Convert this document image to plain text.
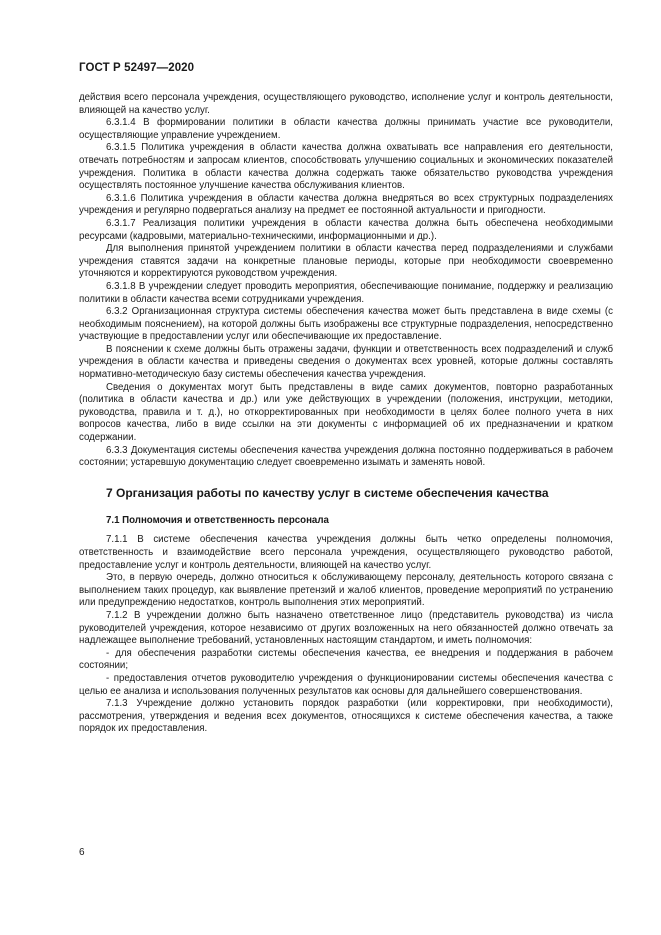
ГОСТ Р 52497—2020

действия всего персонала учреждения, осуществляющего руководство, исполнение услуг и контроль деятельности, влияющей на качество услуг.

6.3.1.4 В формировании политики в области качества должны принимать участие все руководители, осуществляющие управление учреждением.

6.3.1.5 Политика учреждения в области качества должна охватывать все направления его деятельности, отвечать потребностям и запросам клиентов, способствовать улучшению социальных и экономических показателей учреждения. Политика в области качества должна содержать также обязательство руководства учреждения осуществлять постоянное улучшение качества обслуживания клиентов.

6.3.1.6 Политика учреждения в области качества должна внедряться во всех структурных подразделениях учреждения и регулярно подвергаться анализу на предмет ее постоянной актуальности и пригодности.

6.3.1.7 Реализация политики учреждения в области качества должна быть обеспечена необходимыми ресурсами (кадровыми, материально-техническими, информационными и др.).

Для выполнения принятой учреждением политики в области качества перед подразделениями и службами учреждения ставятся задачи на конкретные плановые периоды, которые при необходимости своевременно уточняются и корректируются руководством учреждения.

6.3.1.8 В учреждении следует проводить мероприятия, обеспечивающие понимание, поддержку и реализацию политики в области качества всеми сотрудниками учреждения.

6.3.2 Организационная структура системы обеспечения качества может быть представлена в виде схемы (с необходимым пояснением), на которой должны быть изображены все структурные подразделения, непосредственно участвующие в предоставлении услуг или обеспечивающие их предоставление.

В пояснении к схеме должны быть отражены задачи, функции и ответственность всех подразделений и служб учреждения в области качества и приведены сведения о документах всех уровней, которые должны составлять нормативно-методическую базу системы обеспечения качества учреждения.

Сведения о документах могут быть представлены в виде самих документов, повторно разработанных (политика в области качества и др.) или уже действующих в учреждении (положения, инструкции, методики, руководства, правила и т. д.), но откорректированных при необходимости в целях более полного учета в них вопросов качества, либо в виде ссылки на эти документы с информацией об их предназначении и кратком содержании.

6.3.3 Документация системы обеспечения качества учреждения должна постоянно поддерживаться в рабочем состоянии; устаревшую документацию следует своевременно изымать и заменять новой.

7 Организация работы по качеству услуг в системе обеспечения качества
7.1 Полномочия и ответственность персонала

7.1.1 В системе обеспечения качества учреждения должны быть четко определены полномочия, ответственность и взаимодействие всего персонала учреждения, осуществляющего руководство работой, предоставление услуг и контроль деятельности, влияющей на качество услуг.

Это, в первую очередь, должно относиться к обслуживающему персоналу, деятельность которого связана с выполнением таких процедур, как выявление претензий и жалоб клиентов, проведение мероприятий по устранению или предупреждению недостатков, контроль выполнения этих мероприятий.

7.1.2 В учреждении должно быть назначено ответственное лицо (представитель руководства) из числа руководителей учреждения, которое независимо от других возложенных на него обязанностей должно отвечать за надлежащее выполнение требований, установленных настоящим стандартом, и иметь полномочия:

- для обеспечения разработки системы обеспечения качества, ее внедрения и поддержания в рабочем состоянии;

- предоставления отчетов руководителю учреждения о функционировании системы обеспечения качества с целью ее анализа и использования полученных результатов как основы для дальнейшего совершенствования.

7.1.3 Учреждение должно установить порядок разработки (или корректировки, при необходимости), рассмотрения, утверждения и ведения всех документов, относящихся к системе обеспечения качества, а также порядок их предоставления.

6
